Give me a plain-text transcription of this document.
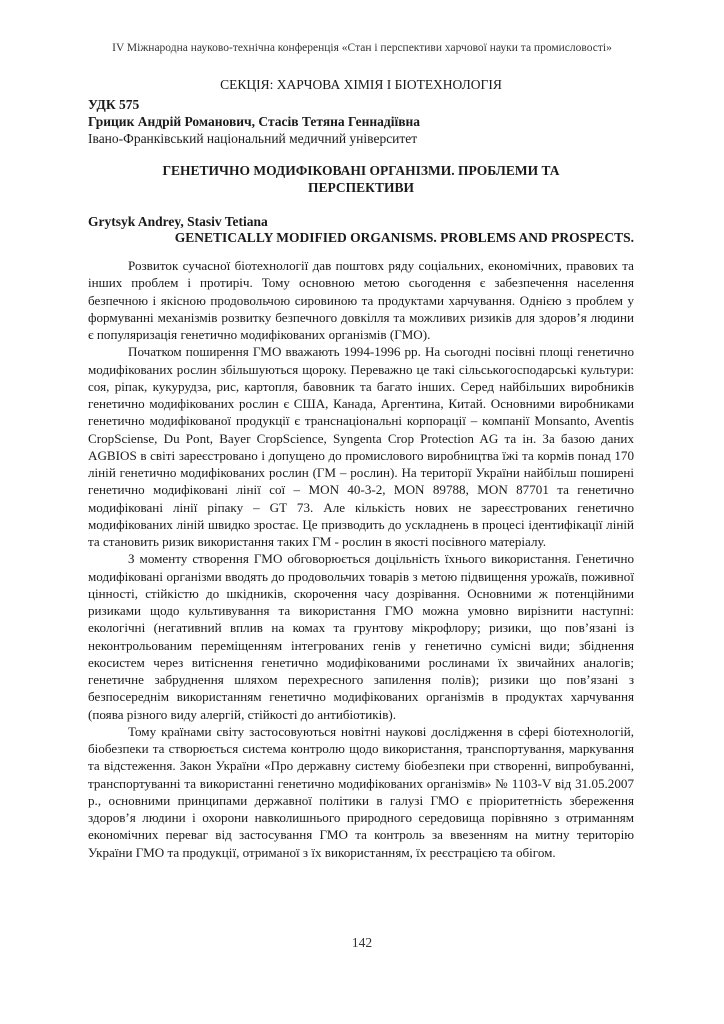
IV Міжнародна науково-технічна конференція «Стан і перспективи харчової науки та промисловості»

СЕКЦІЯ: ХАРЧОВА ХІМІЯ І БІОТЕХНОЛОГІЯ

УДК 575

Грицик Андрій Романович, Стасів Тетяна Геннадіївна

Івано-Франківський національний медичний університет

ГЕНЕТИЧНО МОДИФІКОВАНІ ОРГАНІЗМИ. ПРОБЛЕМИ ТА ПЕРСПЕКТИВИ

Grytsyk Andrey, Stasiv Tetiana

GENETICALLY MODIFIED ORGANISMS. PROBLEMS AND PROSPECTS.

Розвиток сучасної біотехнології дав поштовх ряду соціальних, економічних, правових та інших проблем і протиріч. Тому основною метою сьогодення є забезпечення населення безпечною і якісною продовольчою сировиною та продуктами харчування. Однією з проблем у формуванні механізмів розвитку безпечного довкілля та можливих ризиків для здоров’я людини є популяризація генетично модифікованих організмів (ГМО).

Початком поширення ГМО вважають 1994-1996 рр. На сьогодні посівні площі генетично модифікованих рослин збільшуються щороку. Переважно це такі сільськогосподарські культури: соя, ріпак, кукурудза, рис, картопля, бавовник та багато інших. Серед найбільших виробників генетично модифікованих рослин є США, Канада, Аргентина, Китай. Основними виробниками генетично модифікованої продукції є транснаціональні корпорації – компанії Monsanto, Aventis CropSciense, Du Pont, Bayer CropScience, Syngenta Crop Protection AG та ін. За базою даних AGBIOS в світі зареєстровано і допущено до промислового виробництва їжі та кормів понад 170 ліній генетично модифікованих рослин (ГМ – рослин). На території України найбільш поширені генетично модифіковані лінії сої – MON 40-3-2, MON 89788, MON 87701 та генетично модифіковані лінії ріпаку – GT 73. Але кількість нових не зареєстрованих генетично модифікованих ліній швидко зростає. Це призводить до ускладнень в процесі ідентифікації ліній та становить ризик використання таких ГМ - рослин в якості посівного матеріалу.

З моменту створення ГМО обговорюється доцільність їхнього використання. Генетично модифіковані організми вводять до продовольчих товарів з метою підвищення урожаїв, поживної цінності, стійкістю до шкідників, скорочення часу дозрівання. Основними ж потенційними ризиками щодо культивування та використання ГМО можна умовно вирізнити наступні: екологічні (негативний вплив на комах та грунтову мікрофлору; ризики, що пов’язані із неконтрольованим переміщенням інтегрованих генів у генетично сумісні види; збіднення екосистем через витіснення генетично модифікованими рослинами їх звичайних аналогів; генетичне забруднення шляхом перехресного запилення полів); ризики що пов’язані з безпосереднім використанням генетично модифікованих організмів в продуктах харчування (поява різного виду алергій, стійкості до антибіотиків).

Тому країнами світу застосовуються новітні наукові дослідження в сфері біотехнологій, біобезпеки та створюється система контролю щодо використання, транспортування, маркування та відстеження. Закон України «Про державну систему біобезпеки при створенні, випробуванні, транспортуванні та використанні генетично модифікованих організмів» № 1103-V від 31.05.2007 р., основними принципами державної політики в галузі ГМО є пріоритетність збереження здоров’я людини і охорони навколишнього природного середовища порівняно з отриманням економічних переваг від застосування ГМО та контроль за ввезенням на митну територію України ГМО та продукції, отриманої з їх використанням, їх реєстрацією та обігом.

142
